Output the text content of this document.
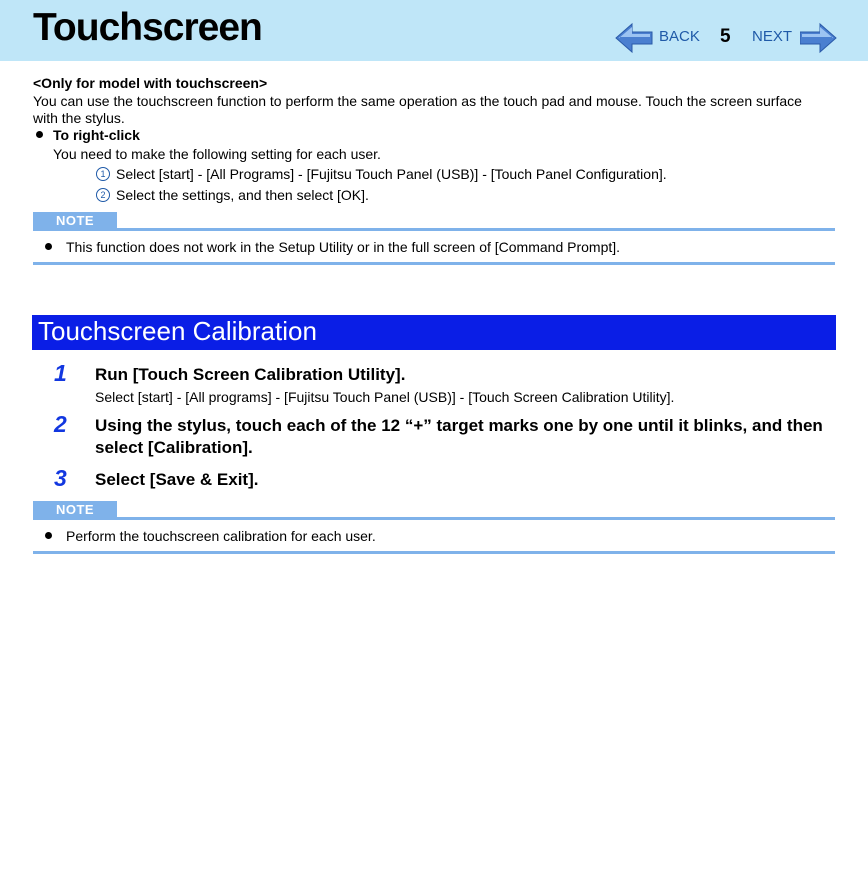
Touchscreen	BACK 5 NEXT
<Only for model with touchscreen>
You can use the touchscreen function to perform the same operation as the touch pad and mouse. Touch the screen surface
with the stylus.
To right-click
You need to make the following setting for each user.
1 Select [start] - [All Programs] - [Fujitsu Touch Panel (USB)] - [Touch Panel Configuration].
2 Select the settings, and then select [OK].
NOTE
This function does not work in the Setup Utility or in the full screen of [Command Prompt].
Touchscreen Calibration
1 Run [Touch Screen Calibration Utility].
Select [start] - [All programs] - [Fujitsu Touch Panel (USB)] - [Touch Screen Calibration Utility].
2 Using the stylus, touch each of the 12 “+” target marks one by one until it blinks, and then
select [Calibration].
3 Select [Save & Exit].
NOTE
Perform the touchscreen calibration for each user.
